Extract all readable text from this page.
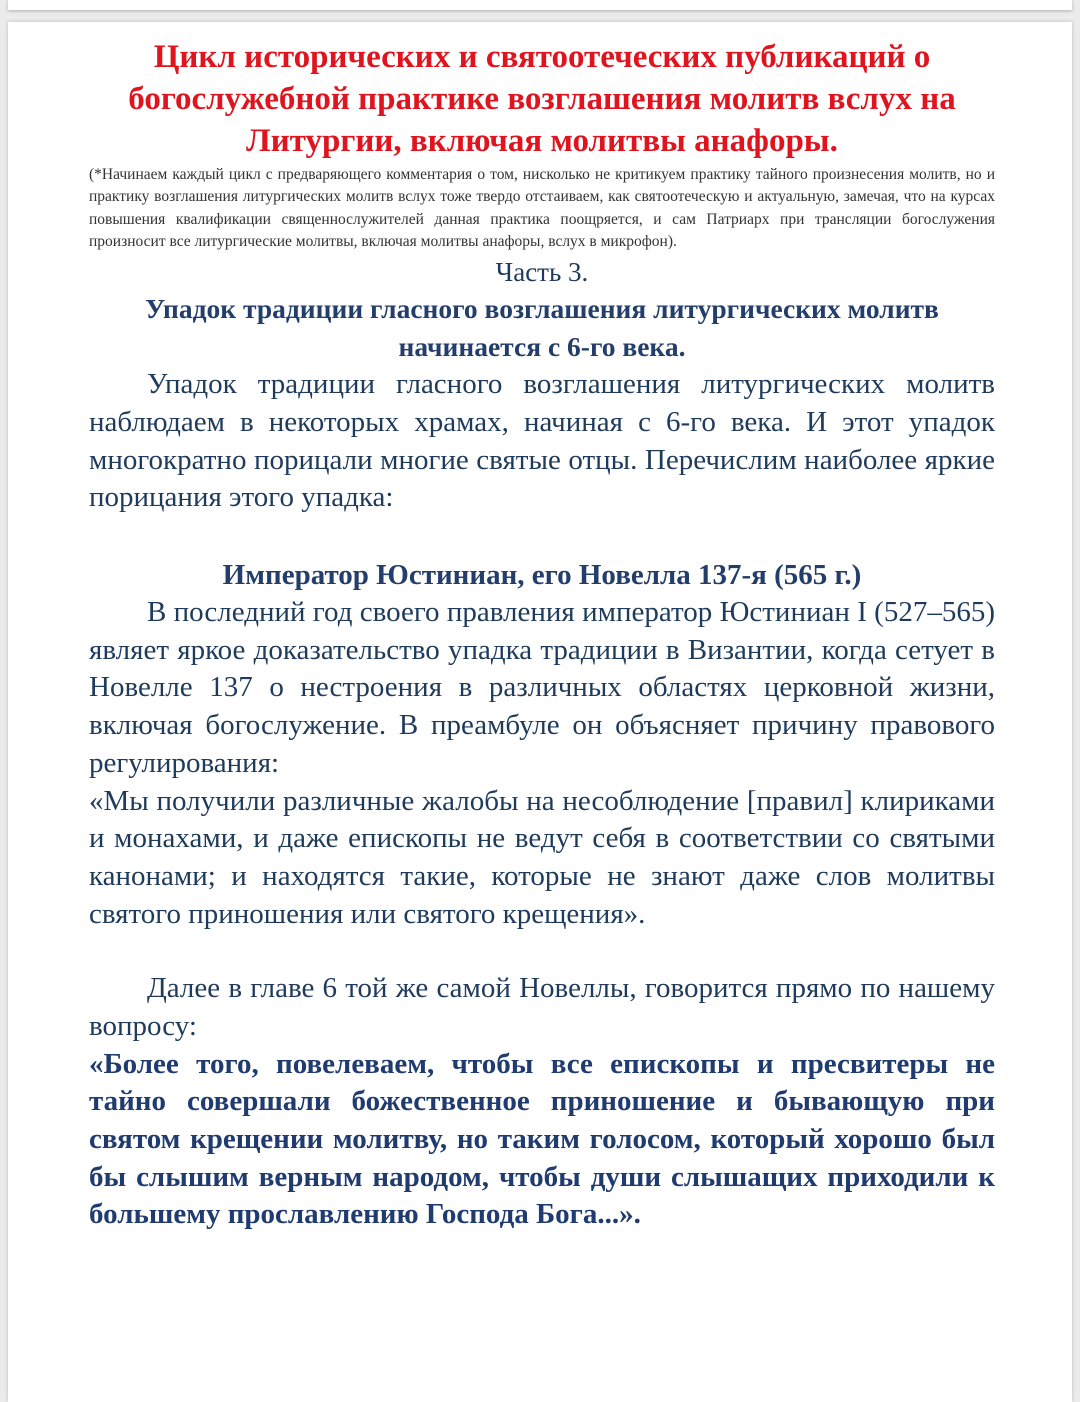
Цикл исторических и святоотеческих публикаций о богослужебной практике возглашения молитв вслух на Литургии, включая молитвы анафоры.

(*Начинаем каждый цикл с предваряющего комментария о том, нисколько не критикуем практику тайного произнесения молитв, но и практику возглашения литургических молитв вслух тоже твердо отстаиваем, как святоотеческую и актуальную, замечая, что на курсах повышения квалификации священнослужителей данная практика поощряется, и сам Патриарх при трансляции богослужения произносит все литургические молитвы, включая молитвы анафоры, вслух в микрофон).

Часть 3.
Упадок традиции гласного возглашения литургических молитв
начинается с 6-го века.

Упадок традиции гласного возглашения литургических молитв наблюдаем в некоторых храмах, начиная с 6-го века. И этот упадок многократно порицали многие святые отцы. Перечислим наиболее яркие порицания этого упадка:

Император Юстиниан, его Новелла 137-я (565 г.)

В последний год своего правления император Юстиниан I (527–565) являет яркое доказательство упадка традиции в Византии, когда сетует в Новелле 137 о нестроения в различных областях церковной жизни, включая богослужение. В преамбуле он объясняет причину правового регулирования:

«Мы получили различные жалобы на несоблюдение [правил] клириками и монахами, и даже епископы не ведут себя в соответствии со святыми канонами; и находятся такие, которые не знают даже слов молитвы святого приношения или святого крещения».

Далее в главе 6 той же самой Новеллы, говорится прямо по нашему вопросу:

«Более того, повелеваем, чтобы все епископы и пресвитеры не тайно совершали божественное приношение и бывающую при святом крещении молитву, но таким голосом, который хорошо был бы слышим верным народом, чтобы души слышащих приходили к большему прославлению Господа Бога...».
